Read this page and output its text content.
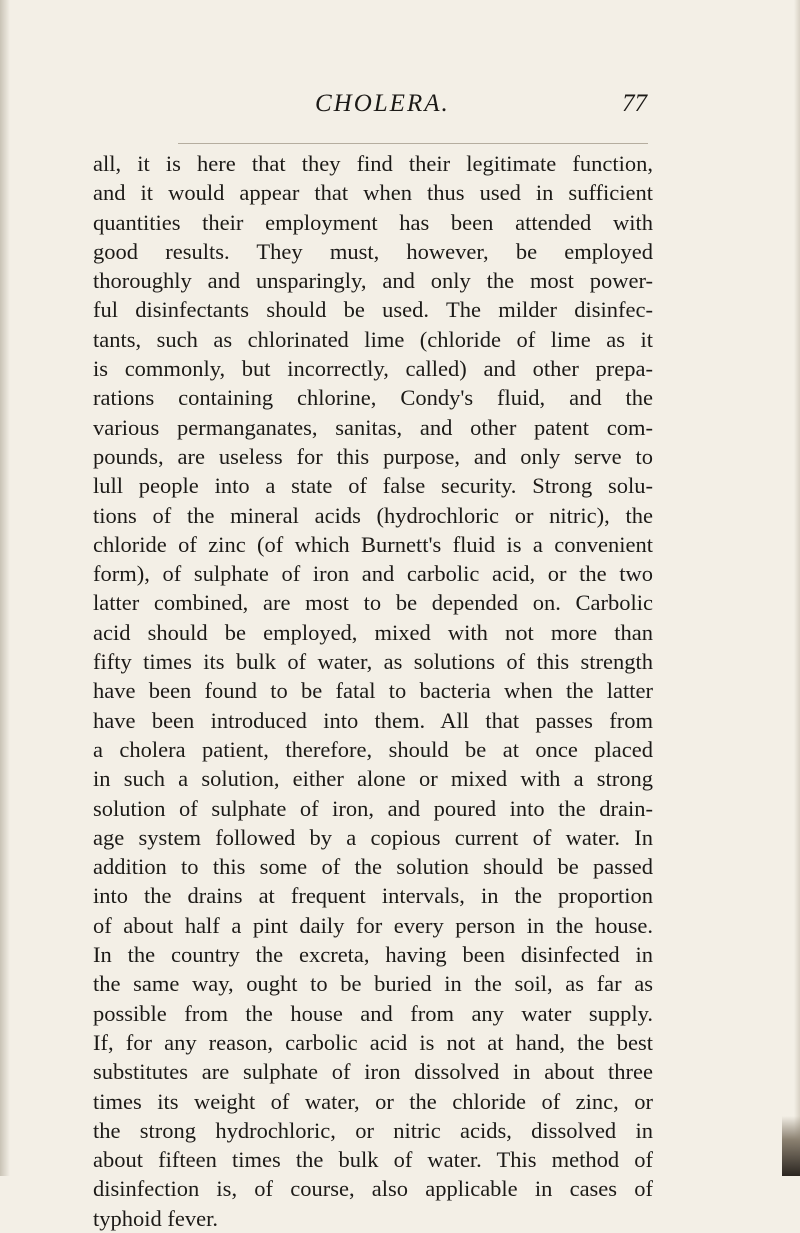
CHOLERA.	77
all, it is here that they find their legitimate function,
and it would appear that when thus used in sufficient
quantities their employment has been attended with
good results. They must, however, be employed
thoroughly and unsparingly, and only the most power-
ful disinfectants should be used. The milder disinfec-
tants, such as chlorinated lime (chloride of lime as it
is commonly, but incorrectly, called) and other prepa-
rations containing chlorine, Condy's fluid, and the
various permanganates, sanitas, and other patent com-
pounds, are useless for this purpose, and only serve to
lull people into a state of false security. Strong solu-
tions of the mineral acids (hydrochloric or nitric), the
chloride of zinc (of which Burnett's fluid is a convenient
form), of sulphate of iron and carbolic acid, or the two
latter combined, are most to be depended on. Carbolic
acid should be employed, mixed with not more than
fifty times its bulk of water, as solutions of this strength
have been found to be fatal to bacteria when the latter
have been introduced into them. All that passes from
a cholera patient, therefore, should be at once placed
in such a solution, either alone or mixed with a strong
solution of sulphate of iron, and poured into the drain-
age system followed by a copious current of water. In
addition to this some of the solution should be passed
into the drains at frequent intervals, in the proportion
of about half a pint daily for every person in the house.
In the country the excreta, having been disinfected in
the same way, ought to be buried in the soil, as far as
possible from the house and from any water supply.
If, for any reason, carbolic acid is not at hand, the best
substitutes are sulphate of iron dissolved in about three
times its weight of water, or the chloride of zinc, or
the strong hydrochloric, or nitric acids, dissolved in
about fifteen times the bulk of water. This method of
disinfection is, of course, also applicable in cases of
typhoid fever.
